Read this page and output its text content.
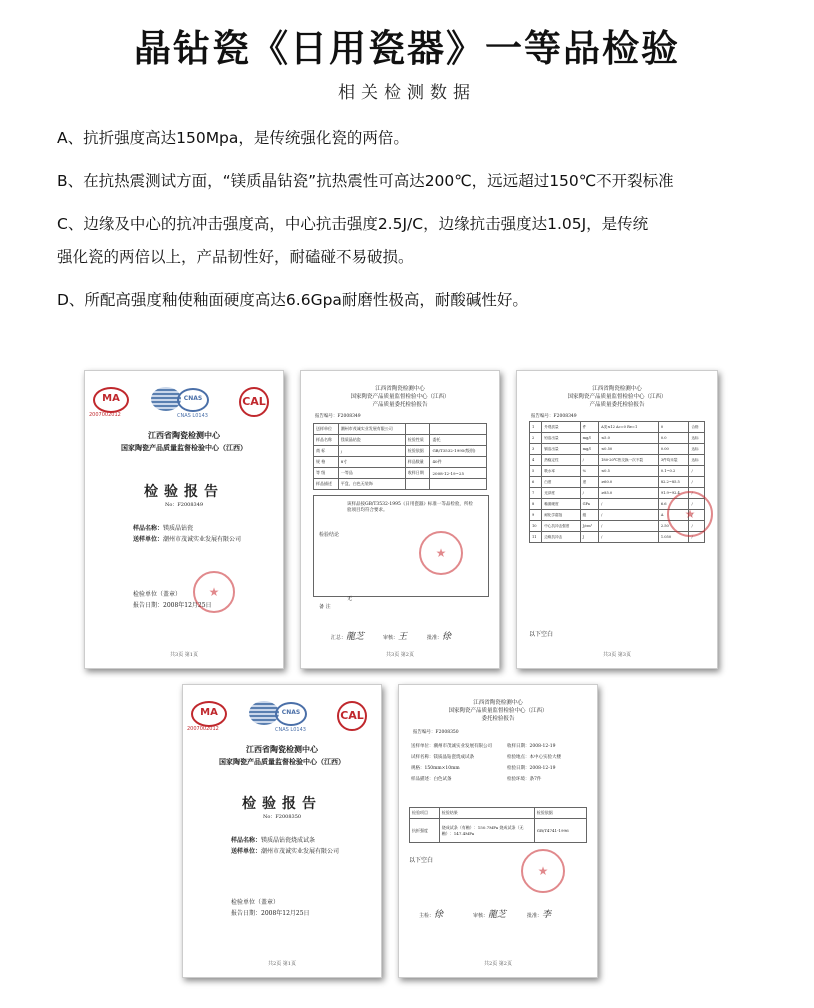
晶钻瓷《日用瓷器》一等品检验
相关检测数据

A、抗折强度高达150Mpa，是传统强化瓷的两倍。

B、在抗热震测试方面，“镁质晶钻瓷”抗热震性可高达200℃，远远超过150℃不开裂标准

C、边缘及中心的抗冲击强度高，中心抗击强度2.5J/C，边缘抗击强度达1.05J，是传统

强化瓷的两倍以上，产品韧性好，耐磕碰不易破损。

D、所配高强度釉使釉面硬度高达6.6Gpa耐磨性极高，耐酸碱性好。

MA
2007002012
CNAS
CNAS L0143
CAL
江西省陶瓷检测中心
国家陶瓷产品质量监督检验中心（江西）
检验报告
No：F2008349
样品名称：镁质晶钻瓷
送样单位：潮州市茂诚实业发展有限公司
检验单位（盖章）
报告日期：2008年12月25日
★
共3页 第1页
江西省陶瓷检测中心
国家陶瓷产品质量监督检验中心（江西）
产品质量委托检验报告
报告编号：F2008349
送样单位	潮州市茂诚实业发展有限公司		
样品名称	镁质晶钻瓷	检验性质	委托
商 标	/	检验依据	GB/T3532-1995(级别)
规 格	8寸	样品数量	40件
等 级	一等品	收样日期	2008-12-19~25
样品描述	平盘，白色无装饰		
检验结论
该样品按GB/T3532-1995《日用瓷器》标准一等品检验，所检验项目均符合要求。
备 注
无
★
汇总：龍芝	审核：王	批准：徐
共3页 第2页
江西省陶瓷检测中心
国家陶瓷产品质量监督检验中心（江西）
产品质量委托检验报告
报告编号：F2008349
1	外观质量	件	A类≤12 Ac=0 Re=1	0	合格
2	铅溶出量	mg/l	≤5.0	0.0	达标
3	镉溶出量	mg/l	≤0.50	0.00	达标
4	热稳定性	/	180-20℃热交换一次不裂	3件均未裂	达标
5	吸水率	%	≤0.5	0.1~0.2	/
6	白度	度	≥60.0	82.2~85.5	/
7	光泽度	/	≥85.0	91.9~92.4	/
8	釉面硬度	GPa	/	6.6	/
9	耐化学腐蚀	级	/	A	/
10	中心抗冲击强度	J/cm²	/	2.50	/
11	边缘抗冲击	J	/	1.050	/
以下空白
★
共3页 第3页
MA
2007002012
CNAS
CNAS L0143
CAL
江西省陶瓷检测中心
国家陶瓷产品质量监督检验中心（江西）
检验报告
No：F2008350
样品名称：镁质晶钻瓷烧成试条
送样单位：潮州市茂诚实业发展有限公司
检验单位（盖章）
报告日期：2008年12月25日
共2页 第1页
江西省陶瓷检测中心
国家陶瓷产品质量监督检验中心（江西）
委托检验报告
报告编号：F2008350
送样单位：潮州市茂诚实业发展有限公司	收样日期：2008-12-19
试样名称：镁质晶钻瓷烧成试条	检验地点：本中心实验大楼
规格：150mm×10mm	检验日期：2008-12-19
样品描述：白色试条	检验环境：条7件
检验项目	检验结果	检验依据
抗折强度	烧成试条（有釉）：150.7MPa 烧成试条（无釉）：147.4MPa	GB/T4741-1996
以下空白
★
主检：徐	审核：龍芝	批准：李
共2页 第2页
